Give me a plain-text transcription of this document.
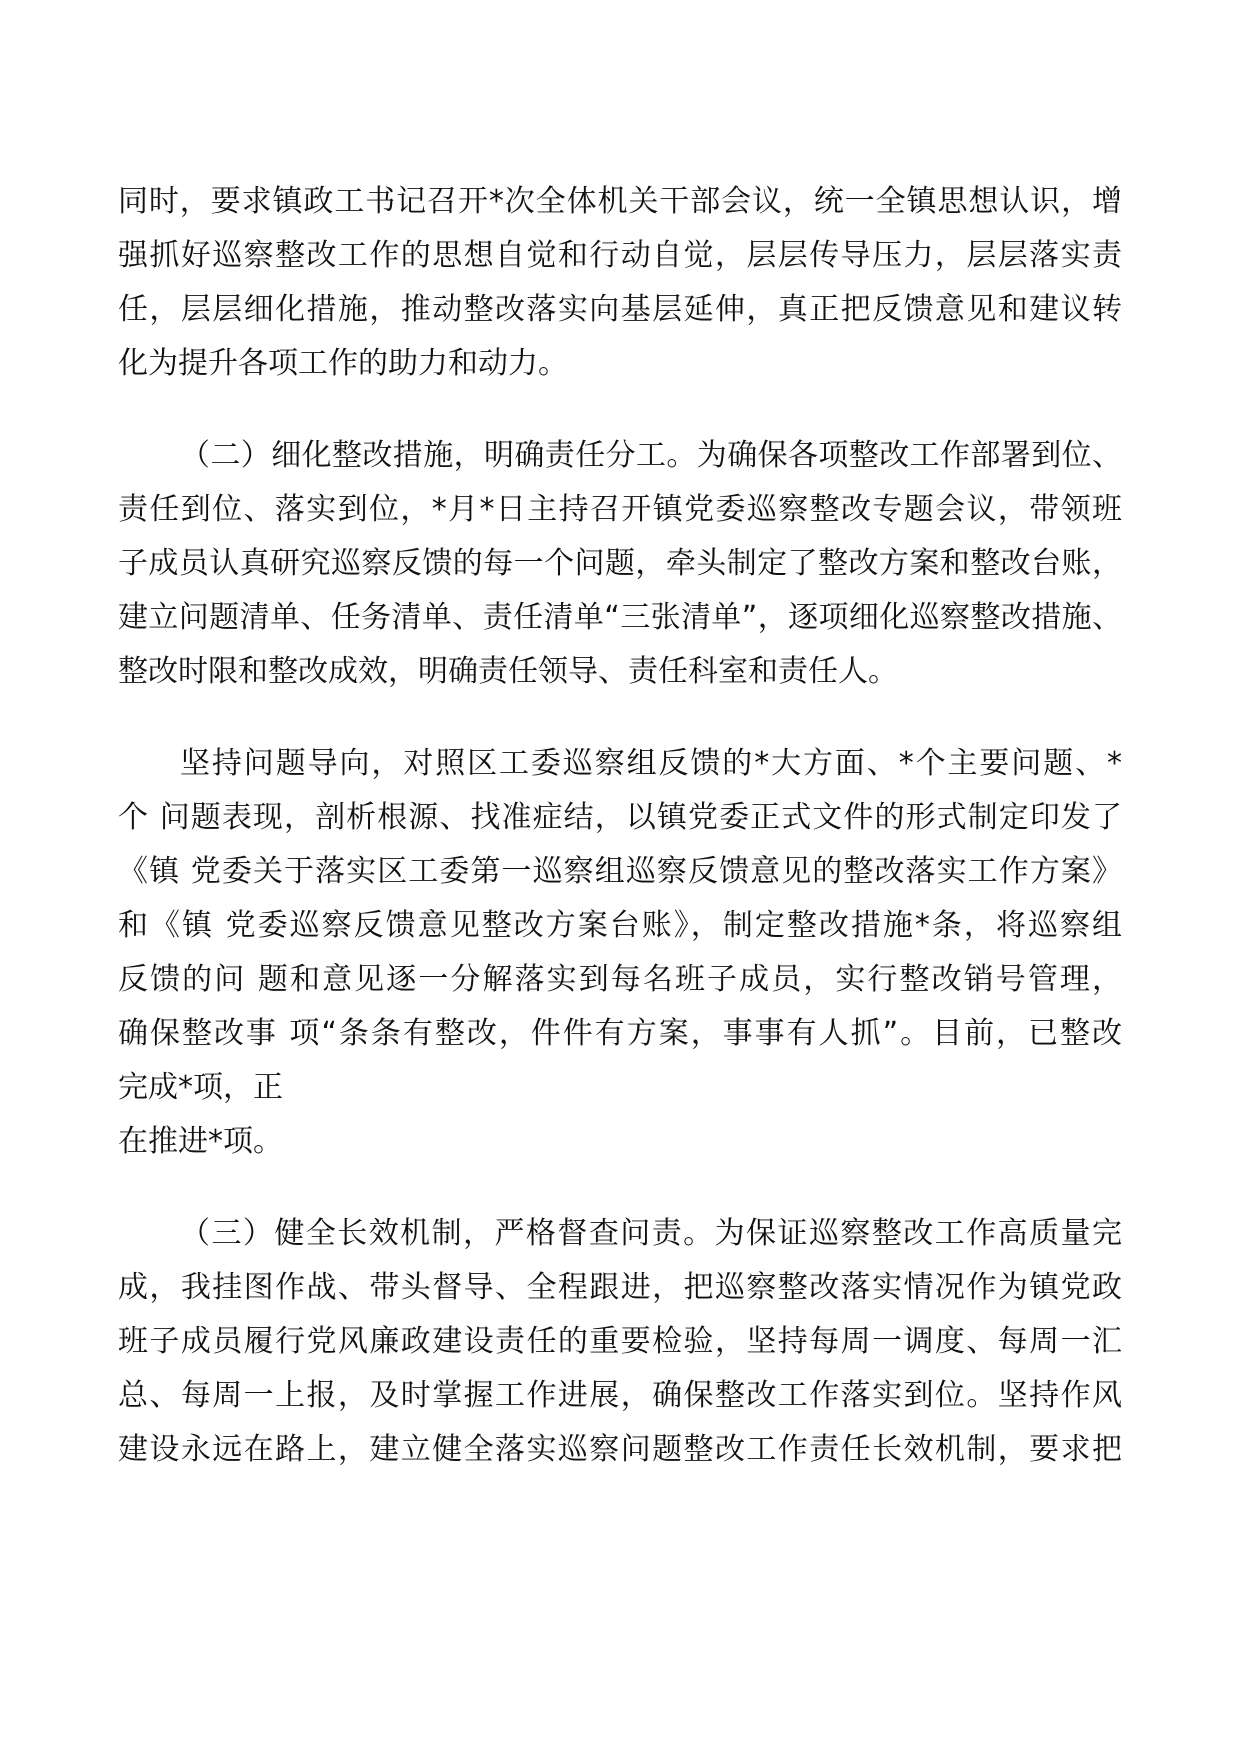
同时，要求镇政工书记召开*次全体机关干部会议，统一全镇思想认识，增
强抓好巡察整改工作的思想自觉和行动自觉，层层传导压力，层层落实责
任，层层细化措施，推动整改落实向基层延伸，真正把反馈意见和建议转
化为提升各项工作的助力和动力。
（二）细化整改措施，明确责任分工。为确保各项整改工作部署到位、
责任到位、落实到位，*月*日主持召开镇党委巡察整改专题会议，带领班
子成员认真研究巡察反馈的每一个问题，牵头制定了整改方案和整改台账，
建立问题清单、任务清单、责任清单“三张清单”，逐项细化巡察整改措施、
整改时限和整改成效，明确责任领导、责任科室和责任人。
坚持问题导向，对照区工委巡察组反馈的*大方面、*个主要问题、*
个 问题表现，剖析根源、找准症结，以镇党委正式文件的形式制定印发了
《镇 党委关于落实区工委第一巡察组巡察反馈意见的整改落实工作方案》
和《镇 党委巡察反馈意见整改方案台账》，制定整改措施*条，将巡察组
反馈的问 题和意见逐一分解落实到每名班子成员，实行整改销号管理，
确保整改事 项“条条有整改，件件有方案，事事有人抓”。目前，已整改
完成*项，正
在推进*项。
（三）健全长效机制，严格督查问责。为保证巡察整改工作高质量完
成，我挂图作战、带头督导、全程跟进，把巡察整改落实情况作为镇党政
班子成员履行党风廉政建设责任的重要检验，坚持每周一调度、每周一汇
总、每周一上报，及时掌握工作进展，确保整改工作落实到位。坚持作风
建设永远在路上，建立健全落实巡察问题整改工作责任长效机制，要求把
